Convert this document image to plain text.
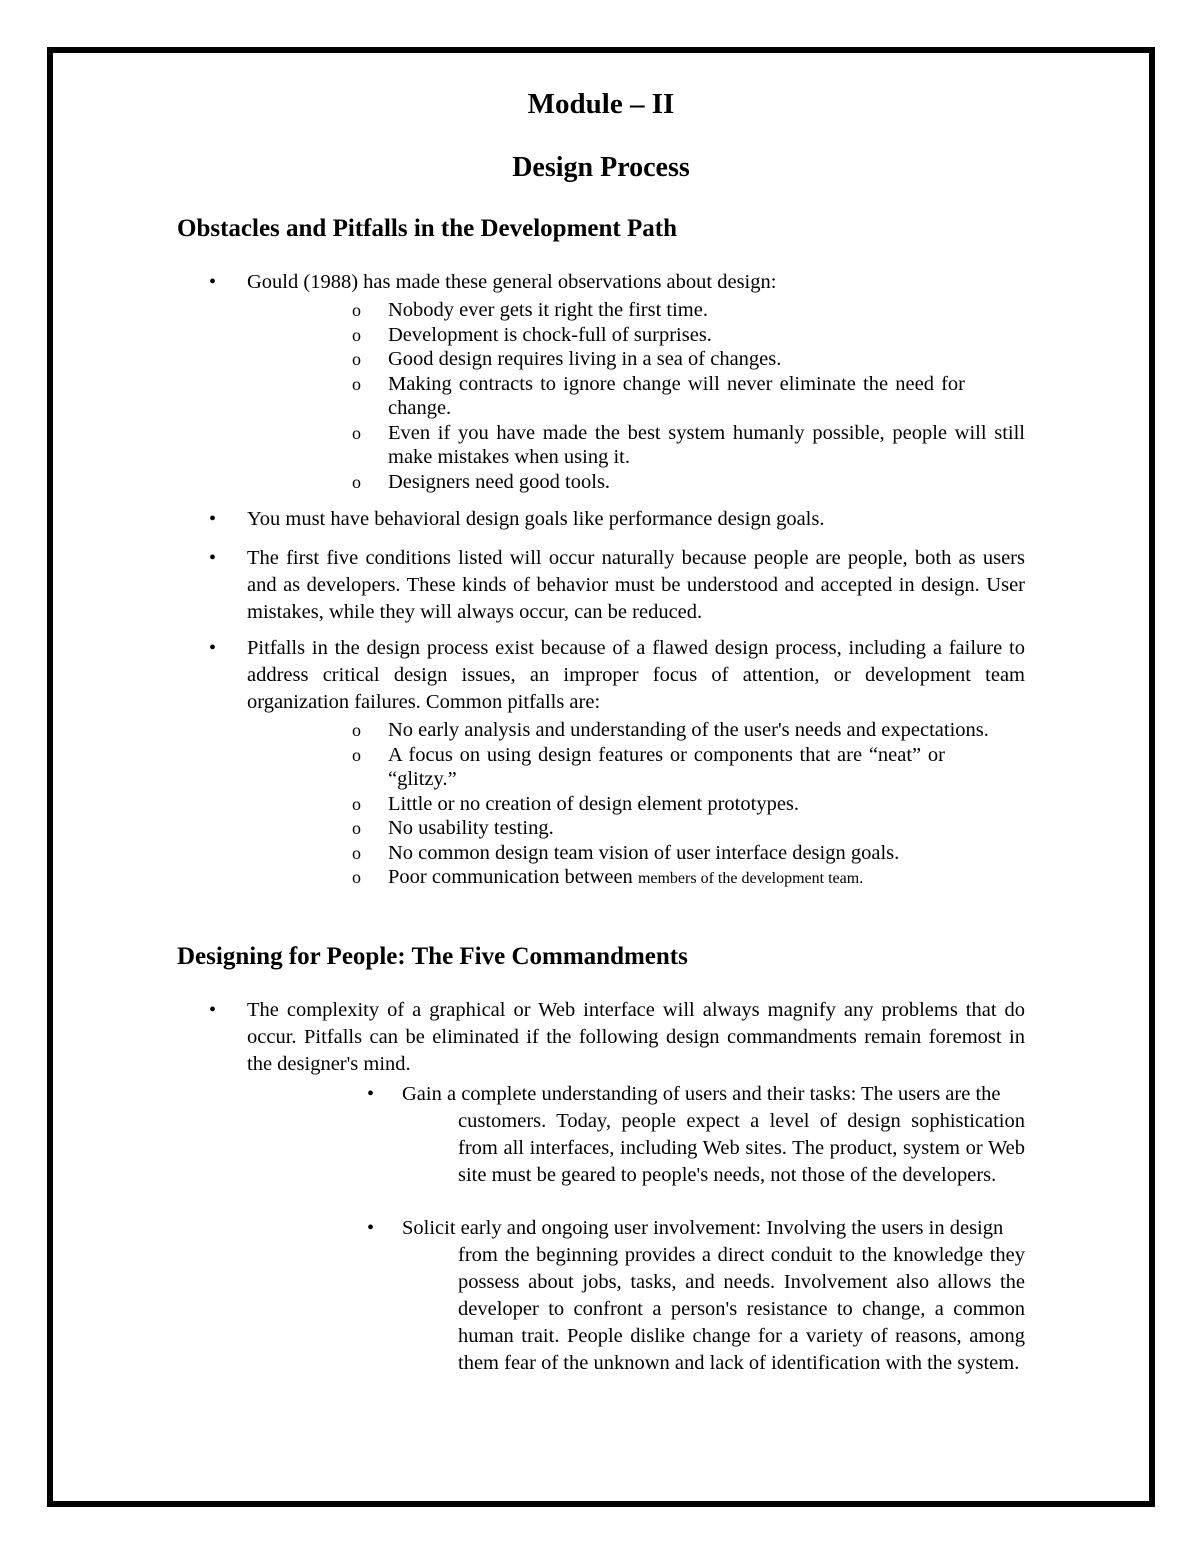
Module – II
Design Process
Obstacles and Pitfalls in the Development Path
• Gould (1988) has made these general observations about design:
o Nobody ever gets it right the first time.
o Development is chock-full of surprises.
o Good design requires living in a sea of changes.
o Making contracts to ignore change will never eliminate the need for change.
o Even if you have made the best system humanly possible, people will still make mistakes when using it.
o Designers need good tools.
• You must have behavioral design goals like performance design goals.
• The first five conditions listed will occur naturally because people are people, both as users and as developers. These kinds of behavior must be understood and accepted in design. User mistakes, while they will always occur, can be reduced.
• Pitfalls in the design process exist because of a flawed design process, including a failure to address critical design issues, an improper focus of attention, or development team organization failures. Common pitfalls are:
o No early analysis and understanding of the user's needs and expectations.
o A focus on using design features or components that are “neat” or “glitzy.”
o Little or no creation of design element prototypes.
o No usability testing.
o No common design team vision of user interface design goals.
o Poor communication between members of the development team.
Designing for People: The Five Commandments
• The complexity of a graphical or Web interface will always magnify any problems that do occur. Pitfalls can be eliminated if the following design commandments remain foremost in the designer's mind.
• Gain a complete understanding of users and their tasks: The users are the
customers. Today, people expect a level of design sophistication from all interfaces, including Web sites. The product, system or Web site must be geared to people's needs, not those of the developers.
• Solicit early and ongoing user involvement: Involving the users in design
from the beginning provides a direct conduit to the knowledge they possess about jobs, tasks, and needs. Involvement also allows the developer to confront a person's resistance to change, a common human trait. People dislike change for a variety of reasons, among them fear of the unknown and lack of identification with the system.
